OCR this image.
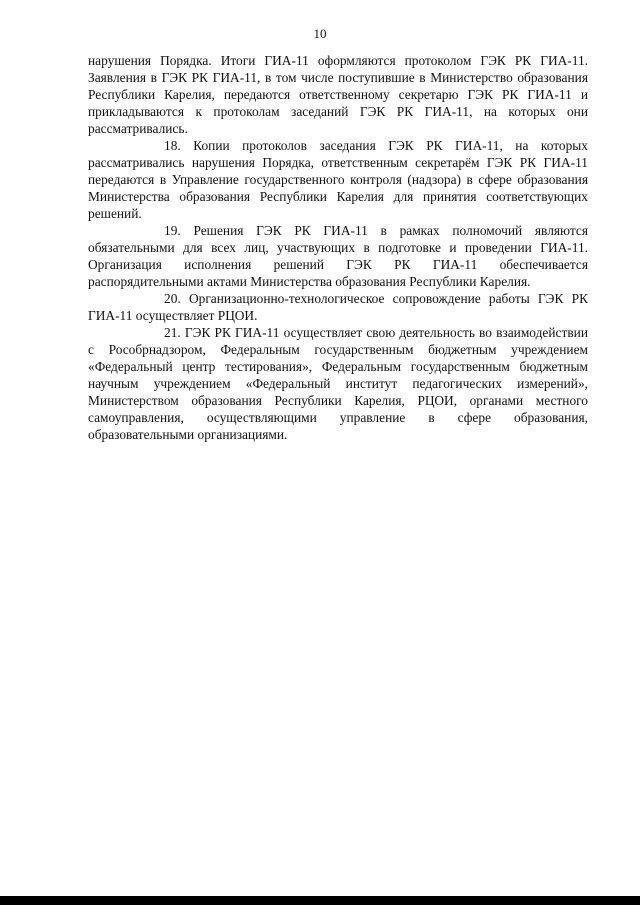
10

нарушения Порядка. Итоги ГИА-11 оформляются протоколом ГЭК РК ГИА-11. Заявления в ГЭК РК ГИА-11, в том числе поступившие в Министерство образования Республики Карелия, передаются ответственному секретарю ГЭК РК ГИА-11 и прикладываются к протоколам заседаний ГЭК РК ГИА-11, на которых они рассматривались.

18. Копии протоколов заседания ГЭК РК ГИА-11, на которых рассматривались нарушения Порядка, ответственным секретарём ГЭК РК ГИА-11 передаются в Управление государственного контроля (надзора) в сфере образования Министерства образования Республики Карелия для принятия соответствующих решений.

19. Решения ГЭК РК ГИА-11 в рамках полномочий являются обязательными для всех лиц, участвующих в подготовке и проведении ГИА-11. Организация исполнения решений ГЭК РК ГИА-11 обеспечивается распорядительными актами Министерства образования Республики Карелия.

20. Организационно-технологическое сопровождение работы ГЭК РК ГИА-11 осуществляет РЦОИ.

21. ГЭК РК ГИА-11 осуществляет свою деятельность во взаимодействии с Рособрнадзором, Федеральным государственным бюджетным учреждением «Федеральный центр тестирования», Федеральным государственным бюджетным научным учреждением «Федеральный институт педагогических измерений», Министерством образования Республики Карелия, РЦОИ, органами местного самоуправления, осуществляющими управление в сфере образования, образовательными организациями.
